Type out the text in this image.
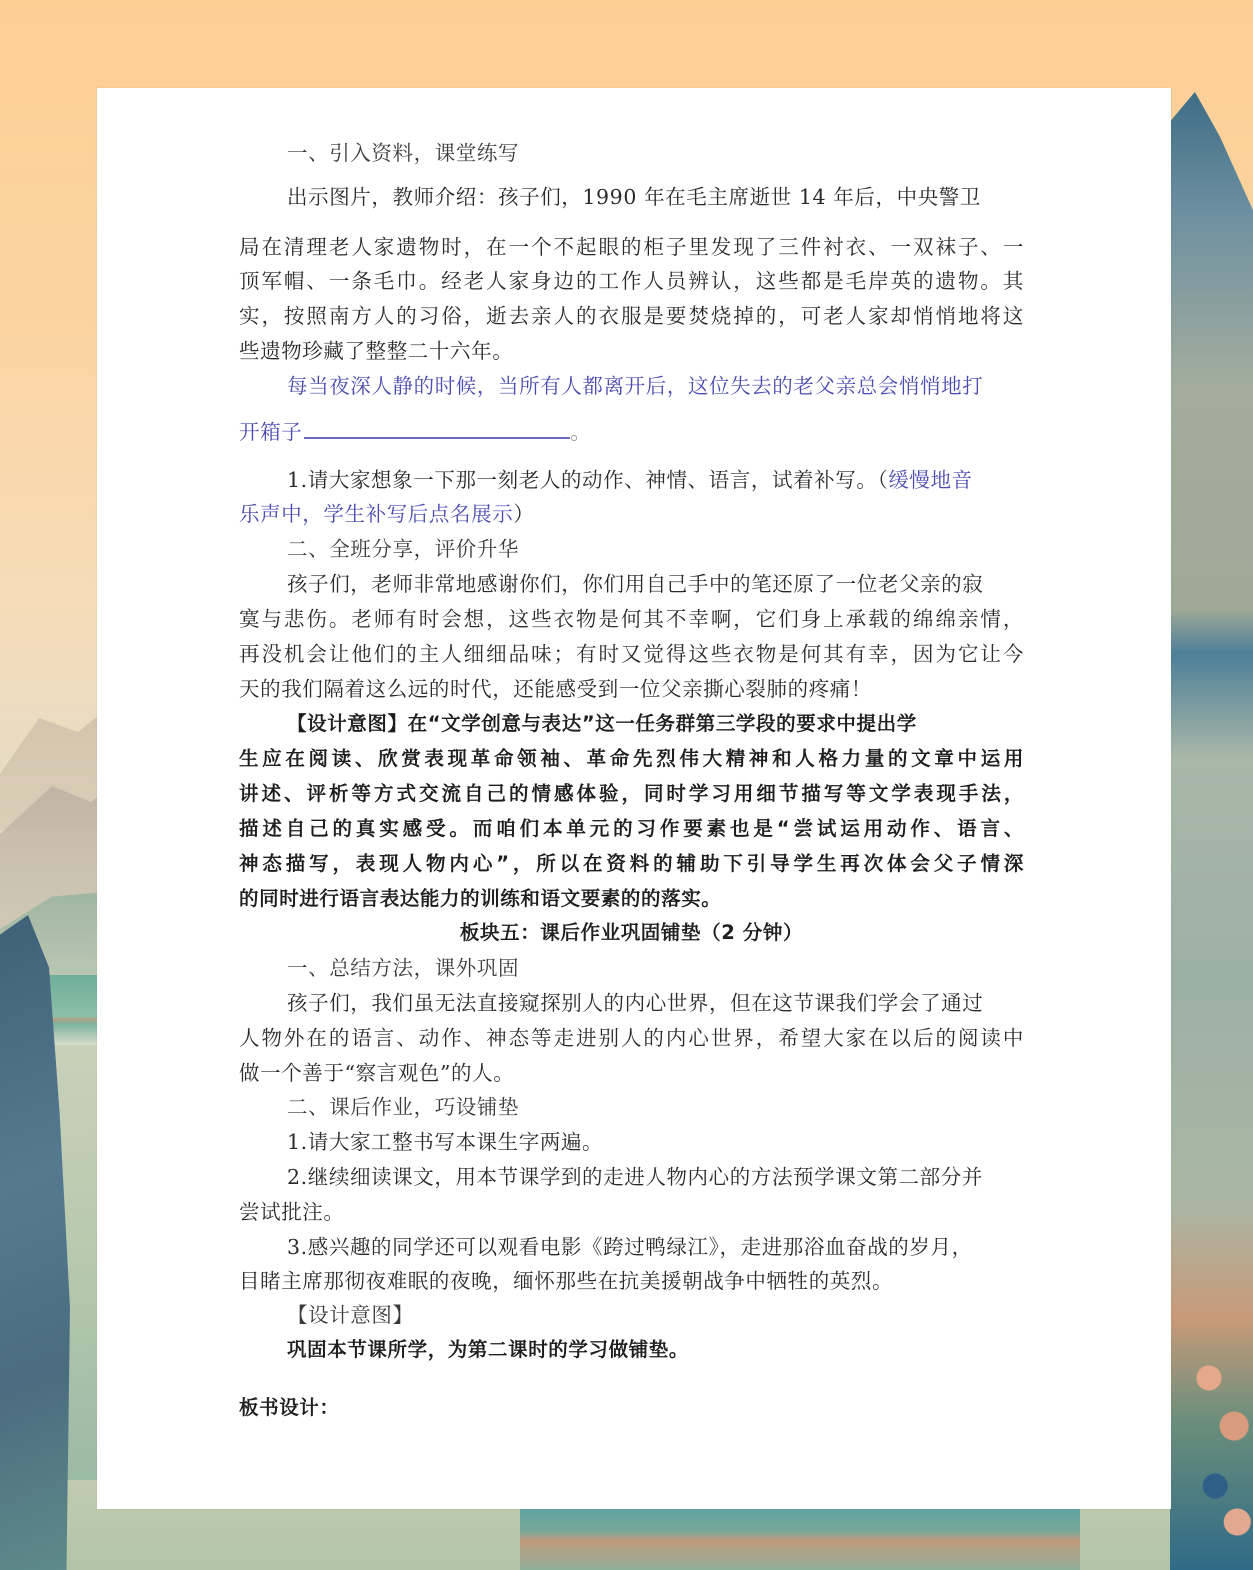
一、引入资料，课堂练写
出示图片，教师介绍：孩子们，1990 年在毛主席逝世 14 年后，中央警卫
局在清理老人家遗物时，在一个不起眼的柜子里发现了三件衬衣、一双袜子、一
顶军帽、一条毛巾。经老人家身边的工作人员辨认，这些都是毛岸英的遗物。其
实，按照南方人的习俗，逝去亲人的衣服是要焚烧掉的，可老人家却悄悄地将这
些遗物珍藏了整整二十六年。
每当夜深人静的时候，当所有人都离开后，这位失去的老父亲总会悄悄地打
开箱子	。
1.请大家想象一下那一刻老人的动作、神情、语言，试着补写。（缓慢地音
乐声中，学生补写后点名展示）
二、全班分享，评价升华
孩子们，老师非常地感谢你们，你们用自己手中的笔还原了一位老父亲的寂
寞与悲伤。老师有时会想，这些衣物是何其不幸啊，它们身上承载的绵绵亲情，
再没机会让他们的主人细细品味；有时又觉得这些衣物是何其有幸，因为它让今
天的我们隔着这么远的时代，还能感受到一位父亲撕心裂肺的疼痛！
【设计意图】在“文学创意与表达”这一任务群第三学段的要求中提出学
生应在阅读、欣赏表现革命领袖、革命先烈伟大精神和人格力量的文章中运用
讲述、评析等方式交流自己的情感体验，同时学习用细节描写等文学表现手法，
描述自己的真实感受。而咱们本单元的习作要素也是“尝试运用动作、语言、
神态描写，表现人物内心”，所以在资料的辅助下引导学生再次体会父子情深
的同时进行语言表达能力的训练和语文要素的的落实。
板块五：课后作业巩固铺垫（2 分钟）
一、总结方法，课外巩固
孩子们，我们虽无法直接窥探别人的内心世界，但在这节课我们学会了通过
人物外在的语言、动作、神态等走进别人的内心世界，希望大家在以后的阅读中
做一个善于“察言观色”的人。
二、课后作业，巧设铺垫
1.请大家工整书写本课生字两遍。
2.继续细读课文，用本节课学到的走进人物内心的方法预学课文第二部分并
尝试批注。
3.感兴趣的同学还可以观看电影《跨过鸭绿江》，走进那浴血奋战的岁月，
目睹主席那彻夜难眠的夜晚，缅怀那些在抗美援朝战争中牺牲的英烈。
【设计意图】
巩固本节课所学，为第二课时的学习做铺垫。
板书设计：
